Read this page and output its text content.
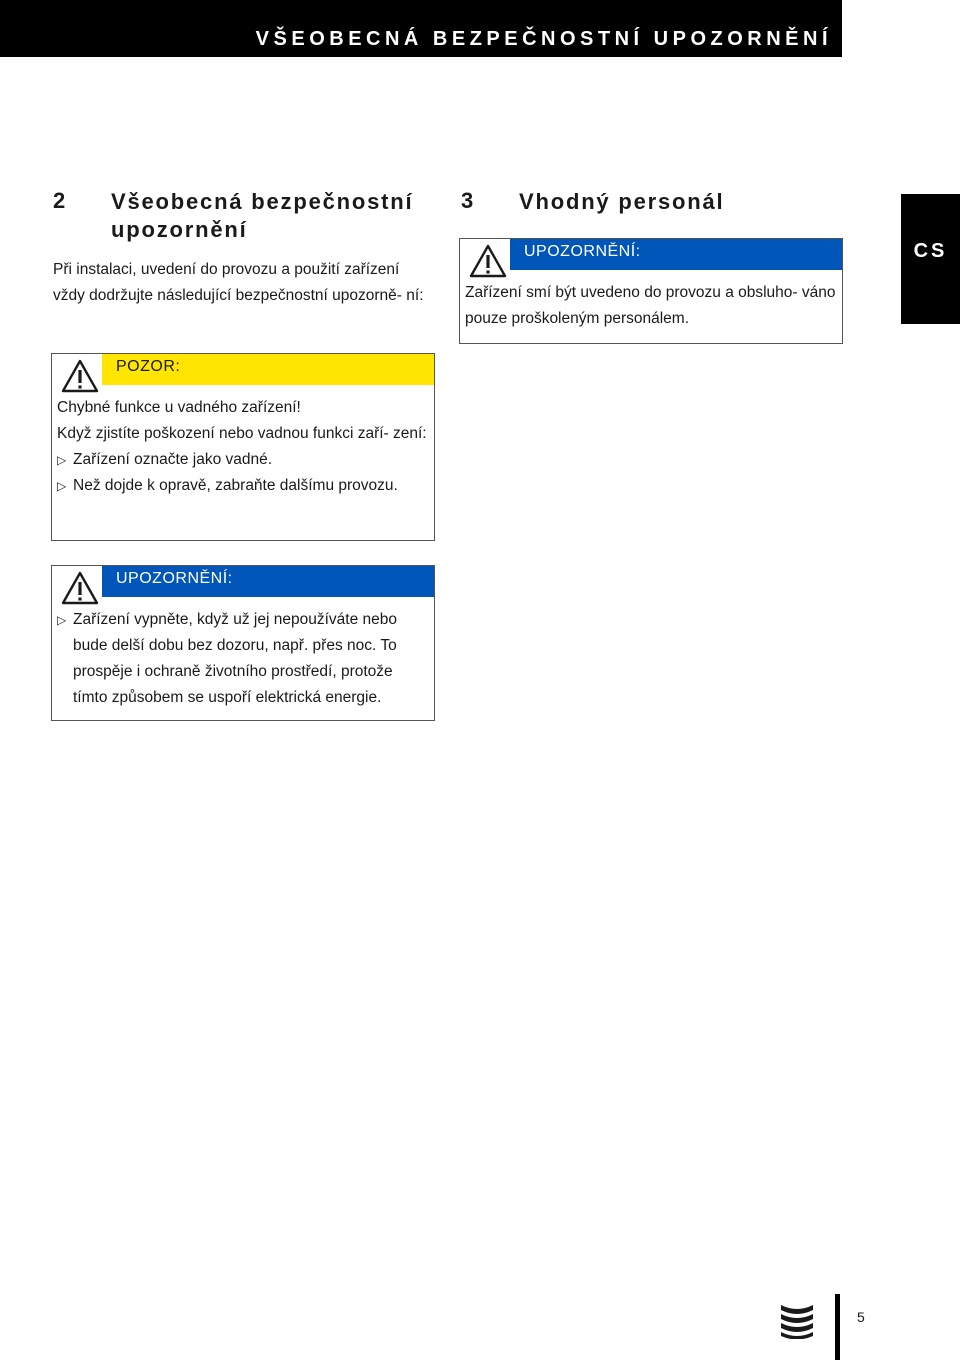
VŠEOBECNÁ BEZPEČNOSTNÍ UPOZORNĚNÍ
CS
2 Všeobecná bezpečnostní upozornění
Při instalaci, uvedení do provozu a použití zařízení vždy dodržujte následující bezpečnostní upozorně- ní:
POZOR:

Chybné funkce u vadného zařízení!

Když zjistíte poškození nebo vadnou funkci zaří- zení:

▷ Zařízení označte jako vadné.
▷ Než dojde k opravě, zabraňte dalšímu provozu.
UPOZORNĚNÍ:
▷ Zařízení vypněte, když už jej nepoužíváte nebo bude delší dobu bez dozoru, např. přes noc. To prospěje i ochraně životního prostředí, protože tímto způsobem se uspoří elektrická energie.
3 Vhodný personál
UPOZORNĚNÍ:

Zařízení smí být uvedeno do provozu a obsluho- váno pouze proškoleným personálem.

5
